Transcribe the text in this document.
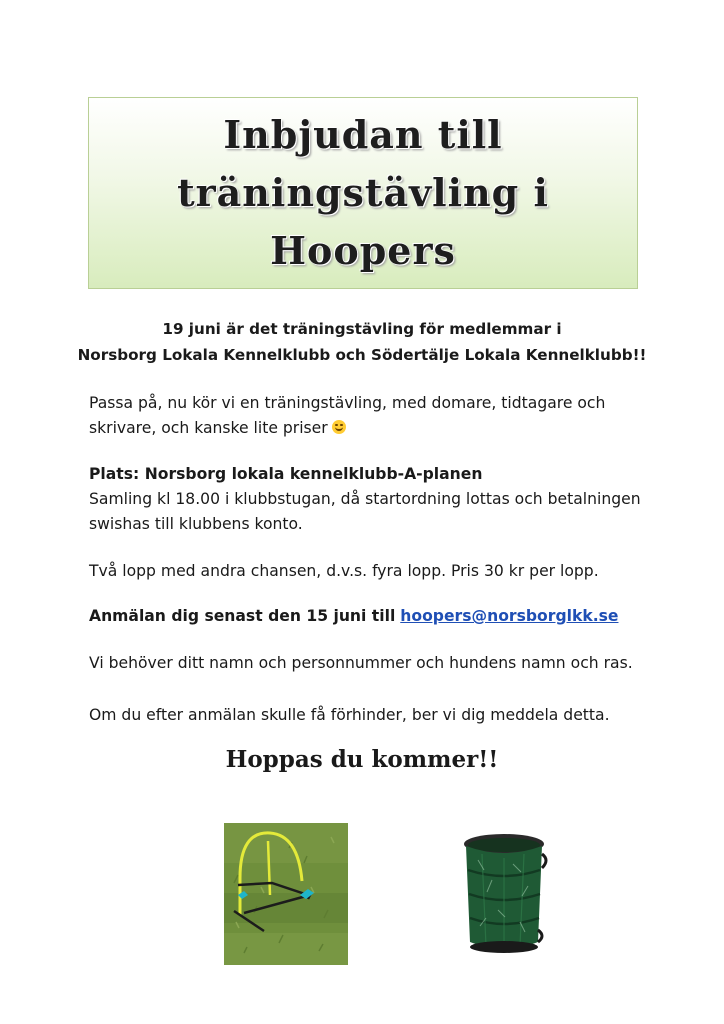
Inbjudan till
träningstävling i
Hoopers
19 juni är det träningstävling för medlemmar i
Norsborg Lokala Kennelklubb och Södertälje Lokala Kennelklubb!!
Passa på, nu kör vi en träningstävling, med domare, tidtagare och
skrivare, och kanske lite priser
Plats: Norsborg lokala kennelklubb-A-planen
Samling kl 18.00 i klubbstugan, då startordning lottas och betalningen
swishas till klubbens konto.
Två lopp med andra chansen, d.v.s. fyra lopp. Pris 30 kr per lopp.
Anmälan dig senast den 15 juni till hoopers@norsborglkk.se
Vi behöver ditt namn och personnummer och hundens namn och ras.
Om du efter anmälan skulle få förhinder, ber vi dig meddela detta.
Hoppas du kommer!!
